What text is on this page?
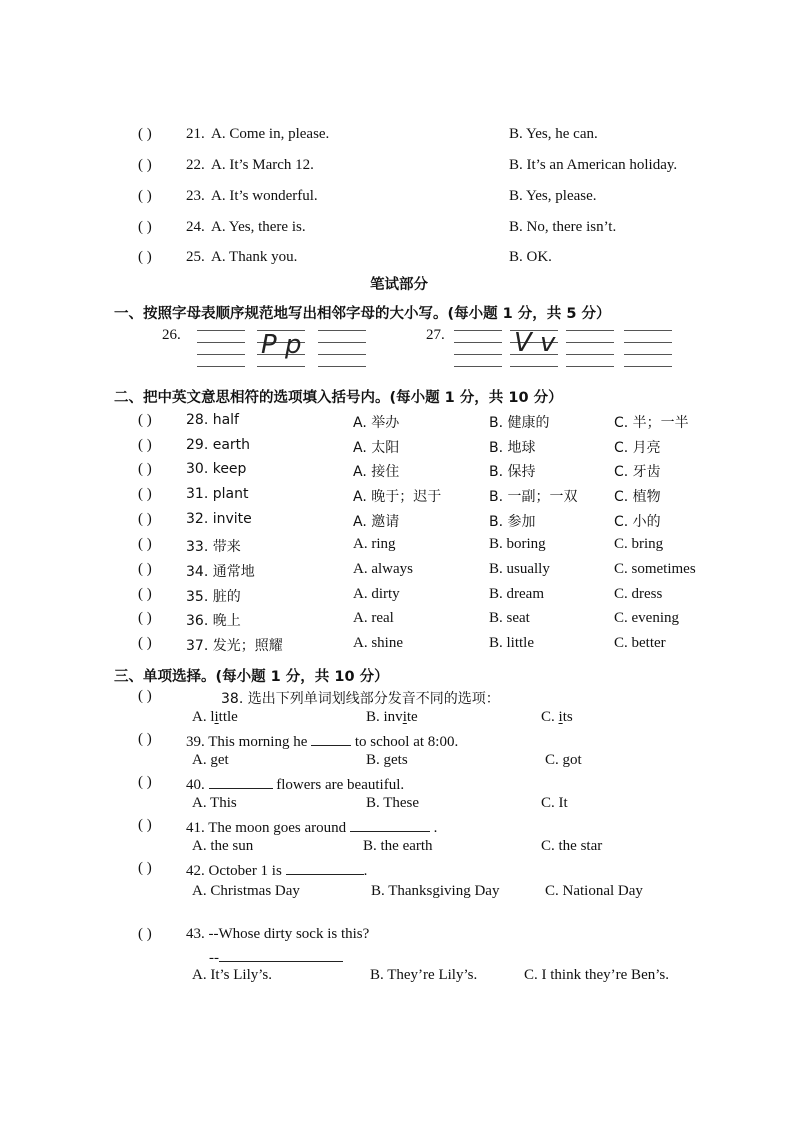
( ) 21. A. Come in, please.	B. Yes, he can.
( ) 22. A. It’s March 12.	B. It’s an American holiday.
( ) 23. A. It’s wonderful.	B. Yes, please.
( ) 24. A. Yes, there is.	B. No, there isn’t.
( ) 25. A. Thank you.	B. OK.
笔试部分
一、按照字母表顺序规范地写出相邻字母的大小写。(每小题 1 分，共 5 分）
26.	P p	27.	V v
二、把中英文意思相符的选项填入括号内。(每小题 1 分，共 10 分）
( ) 28. half	A. 举办	B. 健康的	C. 半；一半
( ) 29. earth	A. 太阳	B. 地球	C. 月亮
( ) 30. keep	A. 接住	B. 保持	C. 牙齿
( ) 31. plant	A. 晚于；迟于	B. 一副；一双	C. 植物
( ) 32. invite	A. 邀请	B. 参加	C. 小的
( ) 33. 带来	A. ring	B. boring	C. bring
( ) 34. 通常地	A. always	B. usually	C. sometimes
( ) 35. 脏的	A. dirty	B. dream	C. dress
( ) 36. 晚上	A. real	B. seat	C. evening
( ) 37. 发光；照耀	A. shine	B. little	C. better
三、单项选择。(每小题 1 分，共 10 分）
( )	38. 选出下列单词划线部分发音不同的选项：
A. little	B. invite	C. its
( ) 39. This morning he	to school at 8:00.
A. get	B. gets	C. got
( ) 40.	flowers are beautiful.
A. This	B. These	C. It
( ) 41. The moon goes around	.
A. the sun	B. the earth	C. the star
( ) 42. October 1 is	.
A. Christmas Day	B. Thanksgiving Day	C. National Day
( ) 43. --Whose dirty sock is this?
--
A. It’s Lily’s.	B. They’re Lily’s.	C. I think they’re Ben’s.
